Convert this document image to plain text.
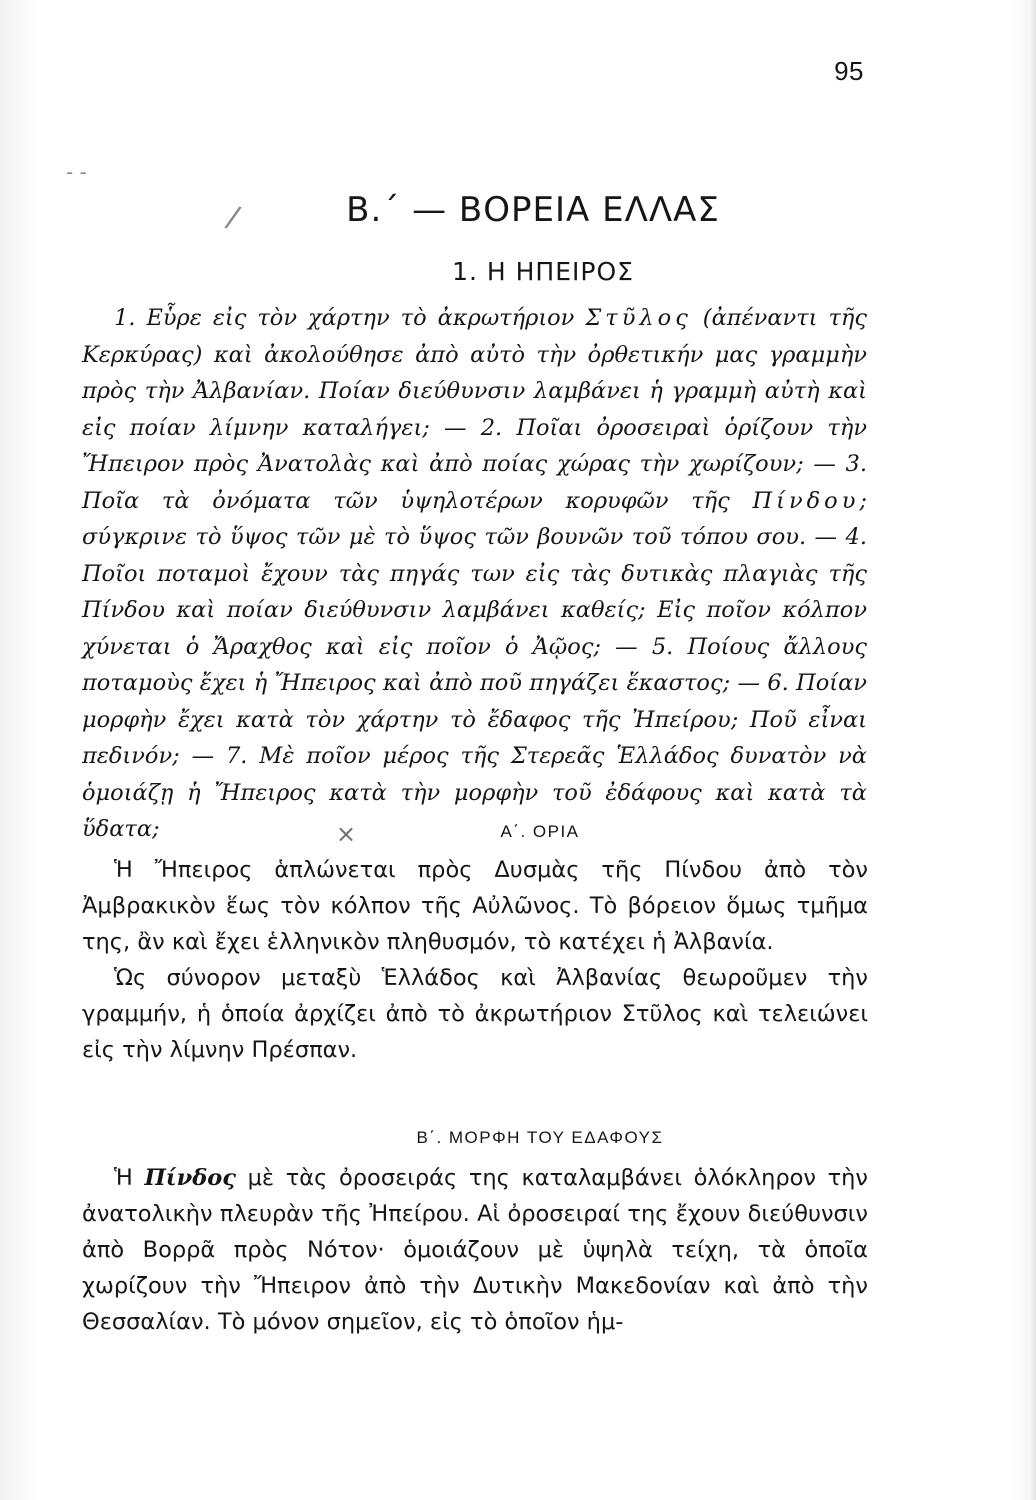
95
‐ ‐
/	Β.΄ — ΒΟΡΕΙΑ ΕΛΛΑΣ
1. Η ΗΠΕΙΡΟΣ

1. Εὗρε εἰς τὸν χάρτην τὸ ἀκρωτήριον Στῦλος (ἀπέναντι τῆς Κερκύρας) καὶ ἀκολούθησε ἀπὸ αὐτὸ τὴν ὀρθετικήν μας γραμμὴν πρὸς τὴν Ἀλβανίαν. Ποίαν διεύθυνσιν λαμβάνει ἡ γραμμὴ αὐτὴ καὶ εἰς ποίαν λίμνην καταλήγει; — 2. Ποῖαι ὀροσειραὶ ὁρίζουν τὴν Ἤπειρον πρὸς Ἀνατολὰς καὶ ἀπὸ ποίας χώρας τὴν χωρίζουν; — 3. Ποῖα τὰ ὀνόματα τῶν ὑψηλοτέρων κορυφῶν τῆς Πίνδου; σύγκρινε τὸ ὕψος τῶν μὲ τὸ ὕψος τῶν βουνῶν τοῦ τόπου σου. — 4. Ποῖοι ποταμοὶ ἔχουν τὰς πηγάς των εἰς τὰς δυτικὰς πλαγιὰς τῆς Πίνδου καὶ ποίαν διεύθυνσιν λαμβάνει καθείς; Εἰς ποῖον κόλπον χύνεται ὁ Ἄραχθος καὶ εἰς ποῖον ὁ Ἀῷος; — 5. Ποίους ἄλλους ποταμοὺς ἔχει ἡ Ἤπειρος καὶ ἀπὸ ποῦ πηγάζει ἕκαστος; — 6. Ποίαν μορφὴν ἔχει κατὰ τὸν χάρτην τὸ ἔδαφος τῆς Ἠπείρου; Ποῦ εἶναι πεδινόν; — 7. Μὲ ποῖον μέρος τῆς Στερεᾶς Ἑλλάδος δυνατὸν νὰ ὁμοιάζῃ ἡ Ἤπειρος κατὰ τὴν μορφὴν τοῦ ἐδάφους καὶ κατὰ τὰ ὕδατα;	×	Α΄. ΟΡΙΑ

Ἡ Ἤπειρος ἁπλώνεται πρὸς Δυσμὰς τῆς Πίνδου ἀπὸ τὸν Ἀμβρακικὸν ἕως τὸν κόλπον τῆς Αὐλῶνος. Τὸ βόρειον ὅμως τμῆμα της, ἂν καὶ ἔχει ἑλληνικὸν πληθυσμόν, τὸ κατέχει ἡ Ἀλβανία.

Ὡς σύνορον μεταξὺ Ἑλλάδος καὶ Ἀλβανίας θεωροῦμεν τὴν γραμμήν, ἡ ὁποία ἀρχίζει ἀπὸ τὸ ἀκρωτήριον Στῦλος καὶ τελειώνει εἰς τὴν λίμνην Πρέσπαν.

Β΄. ΜΟΡΦΗ ΤΟΥ ΕΔΑΦΟΥΣ

Ἡ Πίνδος μὲ τὰς ὀροσειράς της καταλαμβάνει ὁλόκληρον τὴν ἀνατολικὴν πλευρὰν τῆς Ἠπείρου. Αἱ ὀροσειραί της ἔχουν διεύθυνσιν ἀπὸ Βορρᾶ πρὸς Νότον· ὁμοιάζουν μὲ ὑψηλὰ τείχη, τὰ ὁποῖα χωρίζουν τὴν Ἤπειρον ἀπὸ τὴν Δυτικὴν Μακεδονίαν καὶ ἀπὸ τὴν Θεσσαλίαν. Τὸ μόνον σημεῖον, εἰς τὸ ὁποῖον ἡμ-
